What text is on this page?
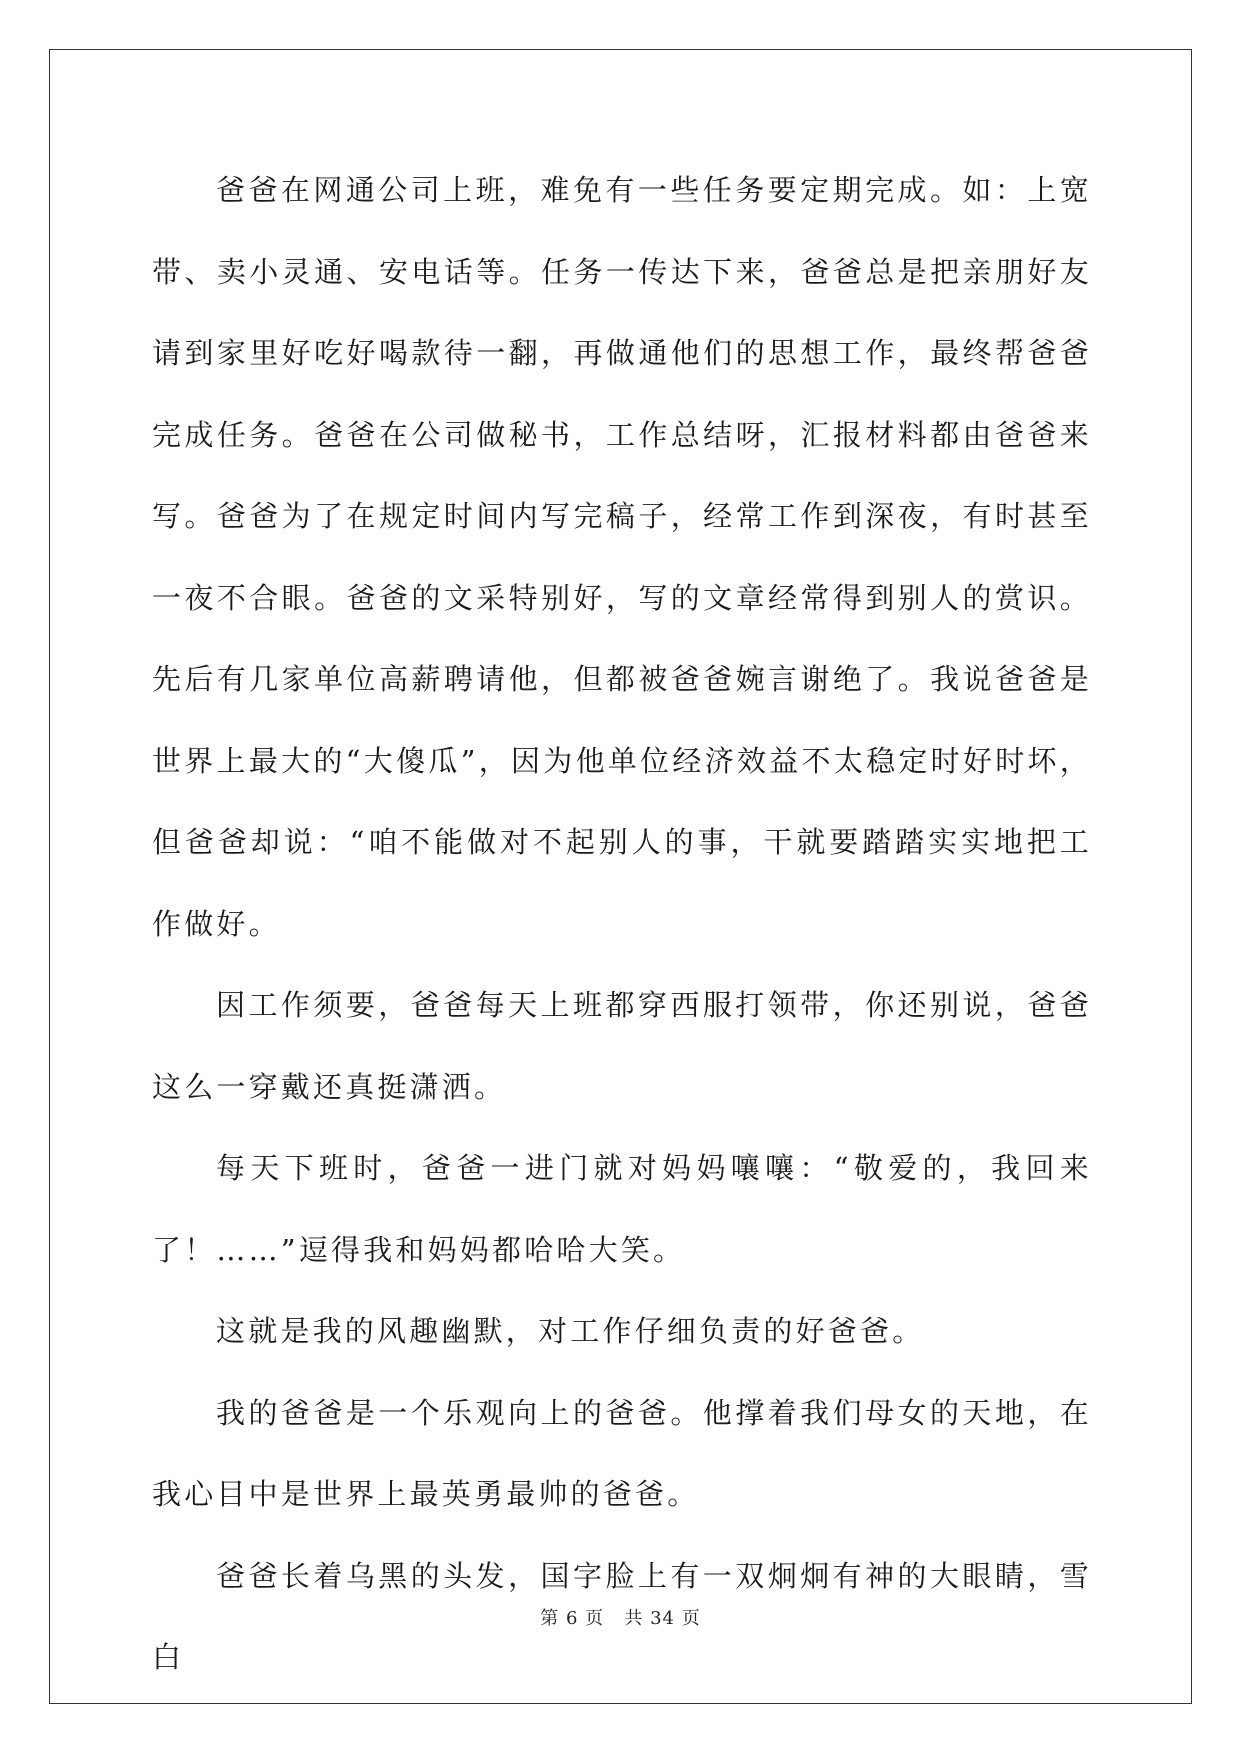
爸爸在网通公司上班，难免有一些任务要定期完成。如：上宽带、卖小灵通、安电话等。任务一传达下来，爸爸总是把亲朋好友请到家里好吃好喝款待一翻，再做通他们的思想工作，最终帮爸爸完成任务。爸爸在公司做秘书，工作总结呀，汇报材料都由爸爸来写。爸爸为了在规定时间内写完稿子，经常工作到深夜，有时甚至一夜不合眼。爸爸的文采特别好，写的文章经常得到别人的赏识。先后有几家单位高薪聘请他，但都被爸爸婉言谢绝了。我说爸爸是世界上最大的“大傻瓜”，因为他单位经济效益不太稳定时好时坏，但爸爸却说：“咱不能做对不起别人的事，干就要踏踏实实地把工作做好。

因工作须要，爸爸每天上班都穿西服打领带，你还别说，爸爸这么一穿戴还真挺潇洒。

每天下班时，爸爸一进门就对妈妈嚷嚷：“敬爱的，我回来了！……”逗得我和妈妈都哈哈大笑。

这就是我的风趣幽默，对工作仔细负责的好爸爸。

我的爸爸是一个乐观向上的爸爸。他撑着我们母女的天地，在我心目中是世界上最英勇最帅的爸爸。

爸爸长着乌黑的头发，国字脸上有一双炯炯有神的大眼睛，雪白

第 6 页 共 34 页
